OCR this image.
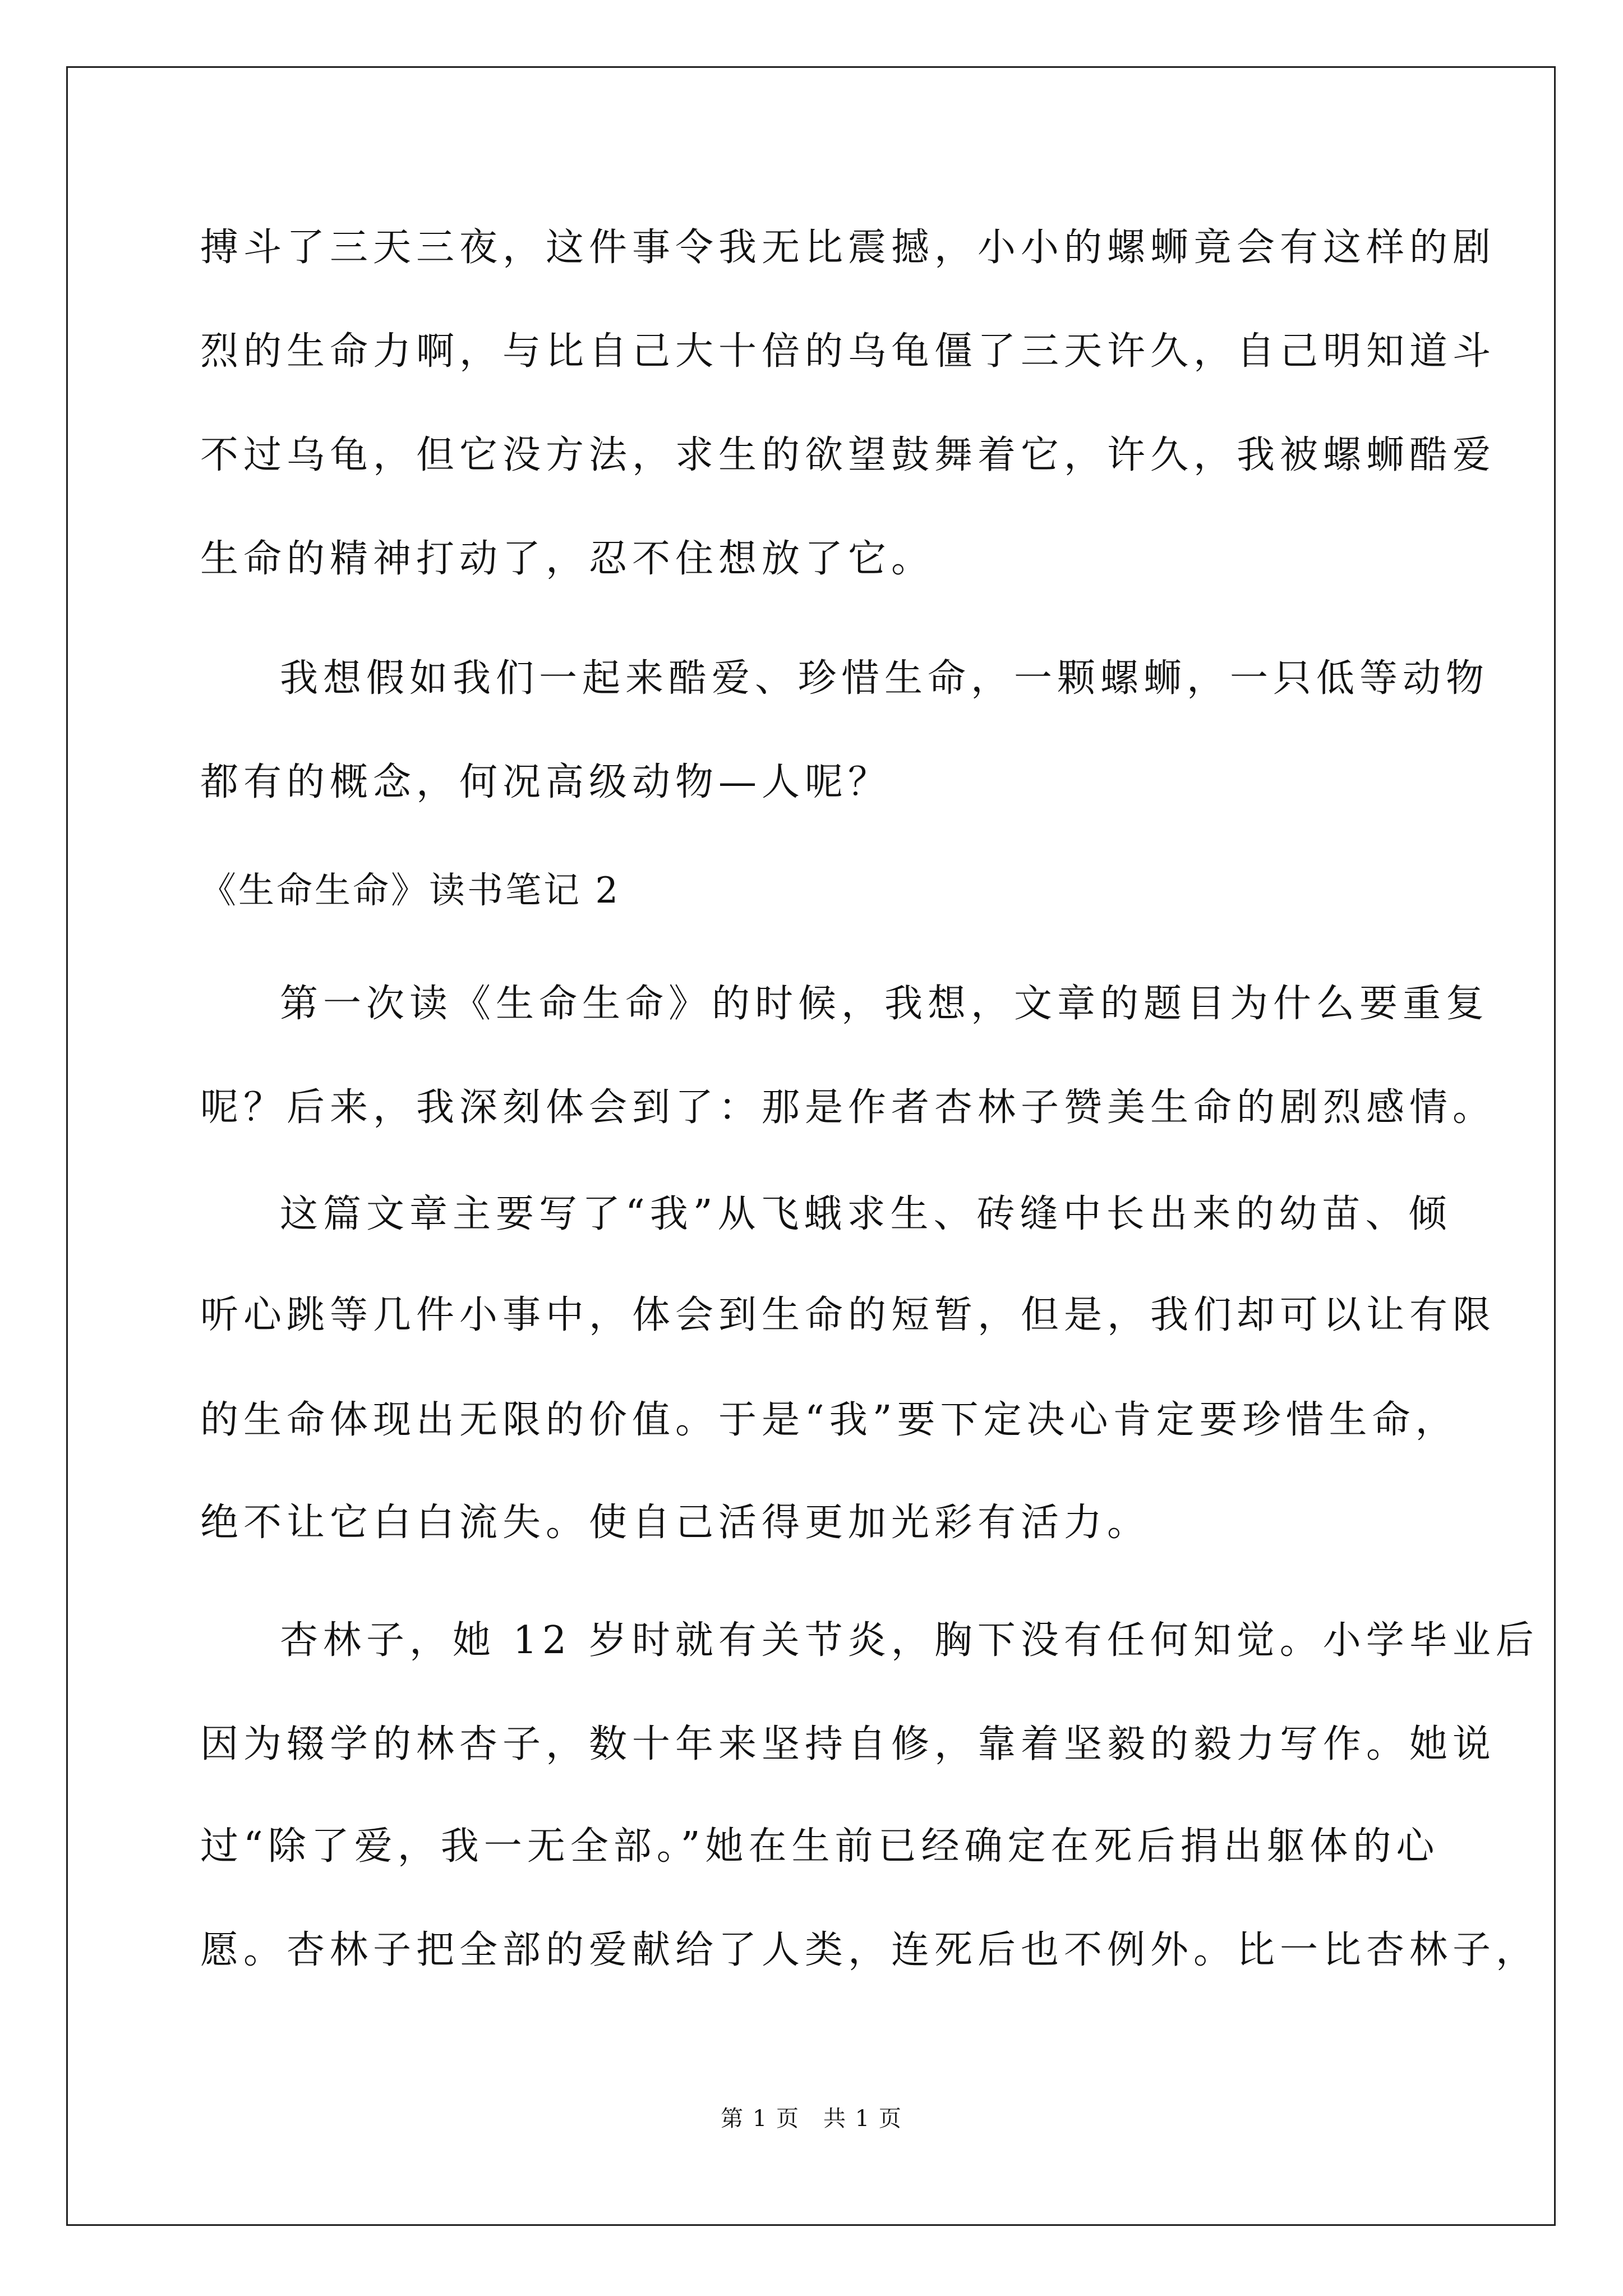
搏斗了三天三夜，这件事令我无比震撼，小小的螺蛳竟会有这样的剧
烈的生命力啊，与比自己大十倍的乌龟僵了三天许久，自己明知道斗
不过乌龟，但它没方法，求生的欲望鼓舞着它，许久，我被螺蛳酷爱
生命的精神打动了，忍不住想放了它。
我想假如我们一起来酷爱、珍惜生命，一颗螺蛳，一只低等动物
都有的概念，何况高级动物—人呢？
《生命生命》读书笔记 2
第一次读《生命生命》的时候，我想，文章的题目为什么要重复
呢？后来，我深刻体会到了：那是作者杏林子赞美生命的剧烈感情。
这篇文章主要写了“我”从飞蛾求生、砖缝中长出来的幼苗、倾
听心跳等几件小事中，体会到生命的短暂，但是，我们却可以让有限
的生命体现出无限的价值。于是“我”要下定决心肯定要珍惜生命，
绝不让它白白流失。使自己活得更加光彩有活力。
杏林子，她 12 岁时就有关节炎，胸下没有任何知觉。小学毕业后
因为辍学的林杏子，数十年来坚持自修，靠着坚毅的毅力写作。她说
过“除了爱，我一无全部。”她在生前已经确定在死后捐出躯体的心
愿。杏林子把全部的爱献给了人类，连死后也不例外。比一比杏林子，
第 1 页　共 1 页
